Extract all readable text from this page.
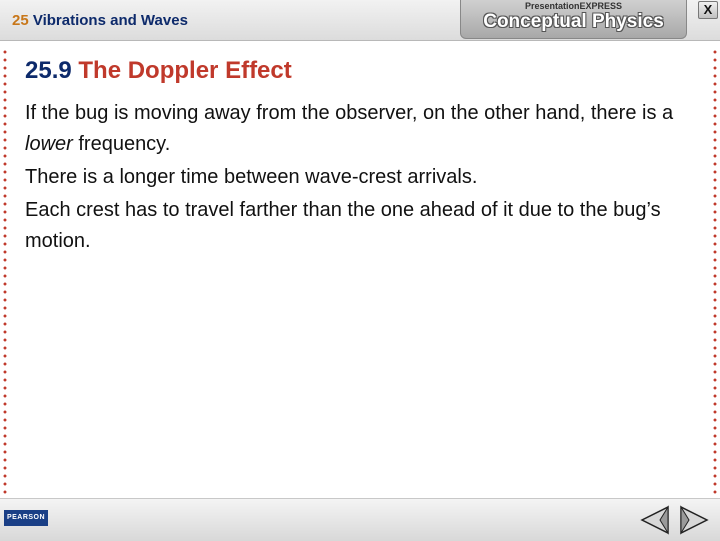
25 Vibrations and Waves
PresentationEXPRESS
Conceptual Physics
X
25.9 The Doppler Effect

If the bug is moving away from the observer, on the other hand, there is a lower frequency.

There is a longer time between wave-crest arrivals.

Each crest has to travel farther than the one ahead of it due to the bug’s motion.

PEARSON
